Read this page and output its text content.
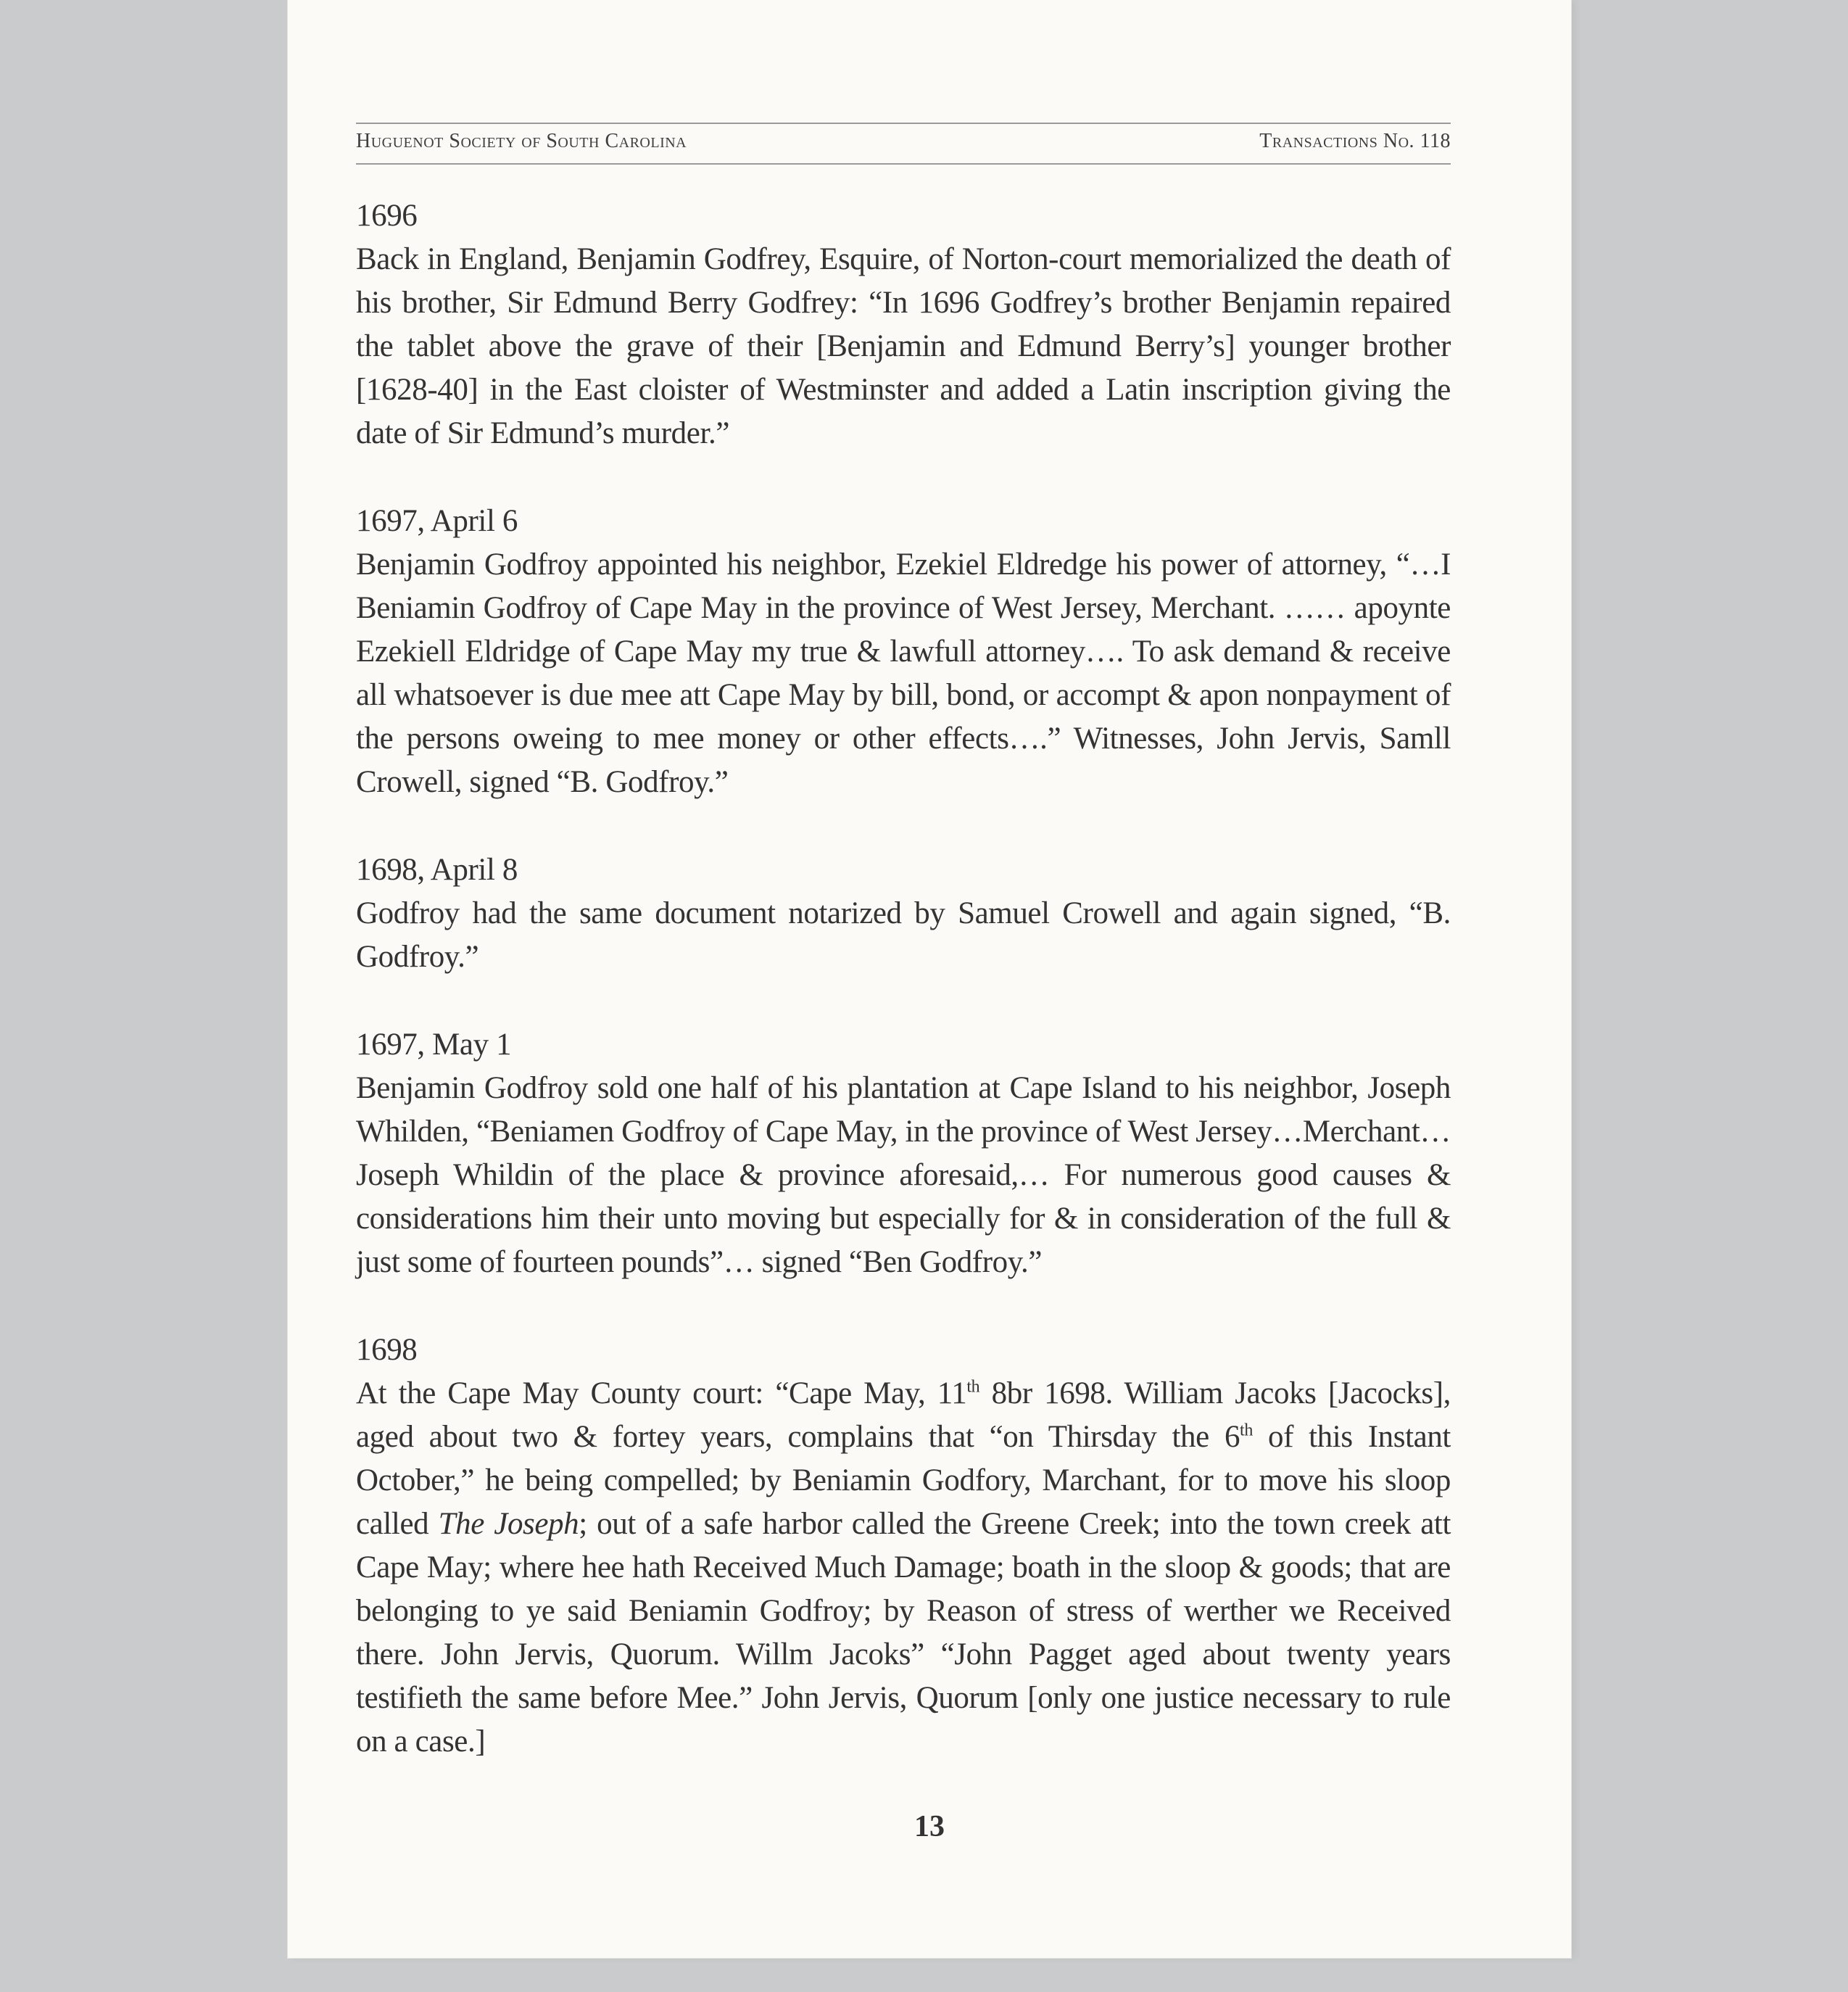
Huguenot Society of South Carolina	Transactions No. 118
1696
Back in England, Benjamin Godfrey, Esquire, of Norton-court memorialized the death of his brother, Sir Edmund Berry Godfrey: “In 1696 Godfrey’s brother Benjamin repaired the tablet above the grave of their [Benjamin and Edmund Berry’s] younger brother [1628-40] in the East cloister of Westminster and added a Latin inscription giving the date of Sir Edmund’s murder.”
1697, April 6
Benjamin Godfroy appointed his neighbor, Ezekiel Eldredge his power of attorney, “…I Beniamin Godfroy of Cape May in the province of West Jersey, Merchant. …… apoynte Ezekiell Eldridge of Cape May my true & lawfull attorney…. To ask demand & receive all whatsoever is due mee att Cape May by bill, bond, or accompt & apon nonpayment of the persons oweing to mee money or other effects….” Witnesses, John Jervis, Samll Crowell, signed “B. Godfroy.”
1698, April 8
Godfroy had the same document notarized by Samuel Crowell and again signed, “B. Godfroy.”
1697, May 1
Benjamin Godfroy sold one half of his plantation at Cape Island to his neighbor, Joseph Whilden, “Beniamen Godfroy of Cape May, in the province of West Jersey…Merchant… Joseph Whildin of the place & province aforesaid,… For numerous good causes & considerations him their unto moving but especially for & in consideration of the full & just some of fourteen pounds”… signed “Ben Godfroy.”
1698
At the Cape May County court: “Cape May, 11th 8br 1698. William Jacoks [Jacocks], aged about two & fortey years, complains that “on Thirsday the 6th of this Instant October,” he being compelled; by Beniamin Godfory, Marchant, for to move his sloop called The Joseph; out of a safe harbor called the Greene Creek; into the town creek att Cape May; where hee hath Received Much Damage; boath in the sloop & goods; that are belonging to ye said Beniamin Godfroy; by Reason of stress of werther we Received there. John Jervis, Quorum. Willm Jacoks” “John Pagget aged about twenty years testifieth the same before Mee.” John Jervis, Quorum [only one justice necessary to rule on a case.]
13
